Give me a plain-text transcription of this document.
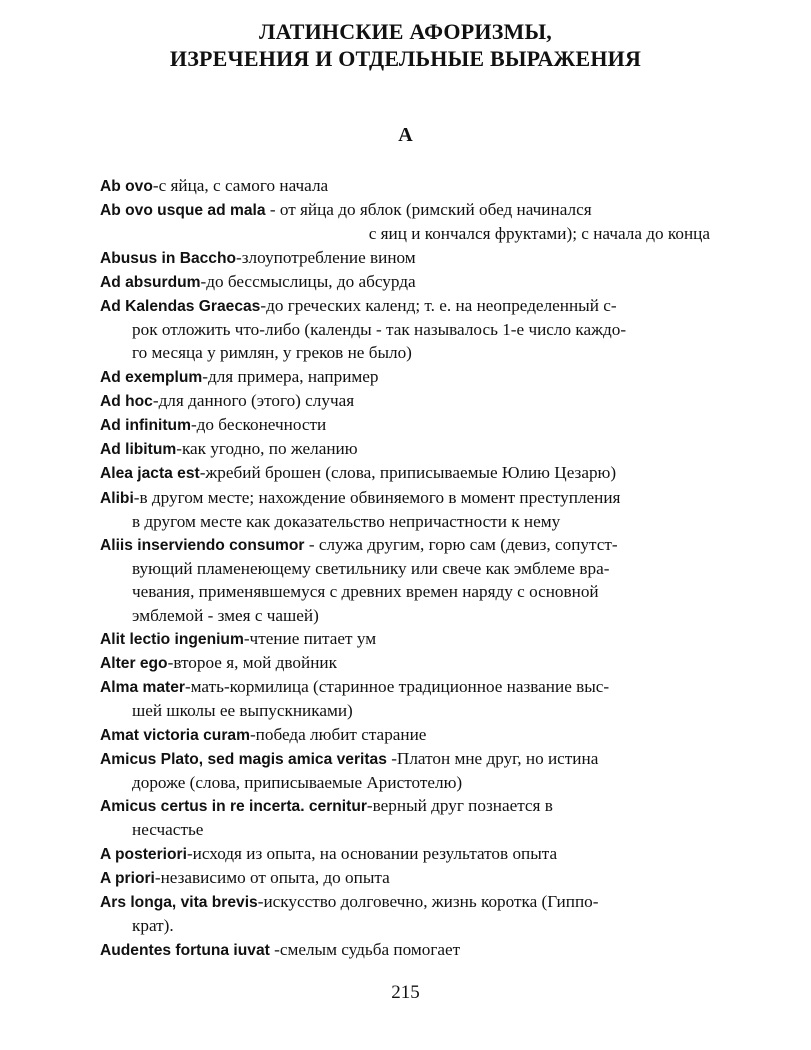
ЛАТИНСКИЕ АФОРИЗМЫ,
ИЗРЕЧЕНИЯ И ОТДЕЛЬНЫЕ ВЫРАЖЕНИЯ
А
Ab ovo-с яйца, с самого начала
Ab ovo usque ad mala - от яйца до яблок (римский обед начинался
с яиц и кончался фруктами); с начала до конца
Abusus in Baccho-злоупотребление вином
Ad absurdum-до бессмыслицы, до абсурда
Ad Kalendas Graecas-до греческих календ; т. е. на неопределенный с-
рок отложить что-либо (календы - так называлось 1-е число каждо-
го месяца у римлян, у греков не было)
Ad exemplum-для примера, например
Ad hoc-для данного (этого) случая
Ad infinitum-до бесконечности
Ad libitum-как угодно, по желанию
Alea jacta est-жребий брошен (слова, приписываемые Юлию Цезарю)
Alibi-в другом месте; нахождение обвиняемого в момент преступления
в другом месте как доказательство непричастности к нему
Aliis inserviendo consumor - служа другим, горю сам (девиз, сопутст-
вующий пламенеющему светильнику или свече как эмблеме вра-
чевания, применявшемуся с древних времен наряду с основной
эмблемой - змея с чашей)
Alit lectio ingenium-чтение питает ум
Alter ego-второе я, мой двойник
Alma mater-мать-кормилица (старинное традиционное название выс-
шей школы ее выпускниками)
Amat victoria curam-победа любит старание
Amicus Plato, sed magis amica veritas -Платон мне друг, но истина
дороже (слова, приписываемые Аристотелю)
Amicus certus in re incerta. cernitur-верный друг познается в
несчастье
A posteriori-исходя из опыта, на основании результатов опыта
A priori-независимо от опыта, до опыта
Ars longa, vita brevis-искусство долговечно, жизнь коротка (Гиппо-
крат).
Audentes fortuna iuvat -смелым судьба помогает
215
